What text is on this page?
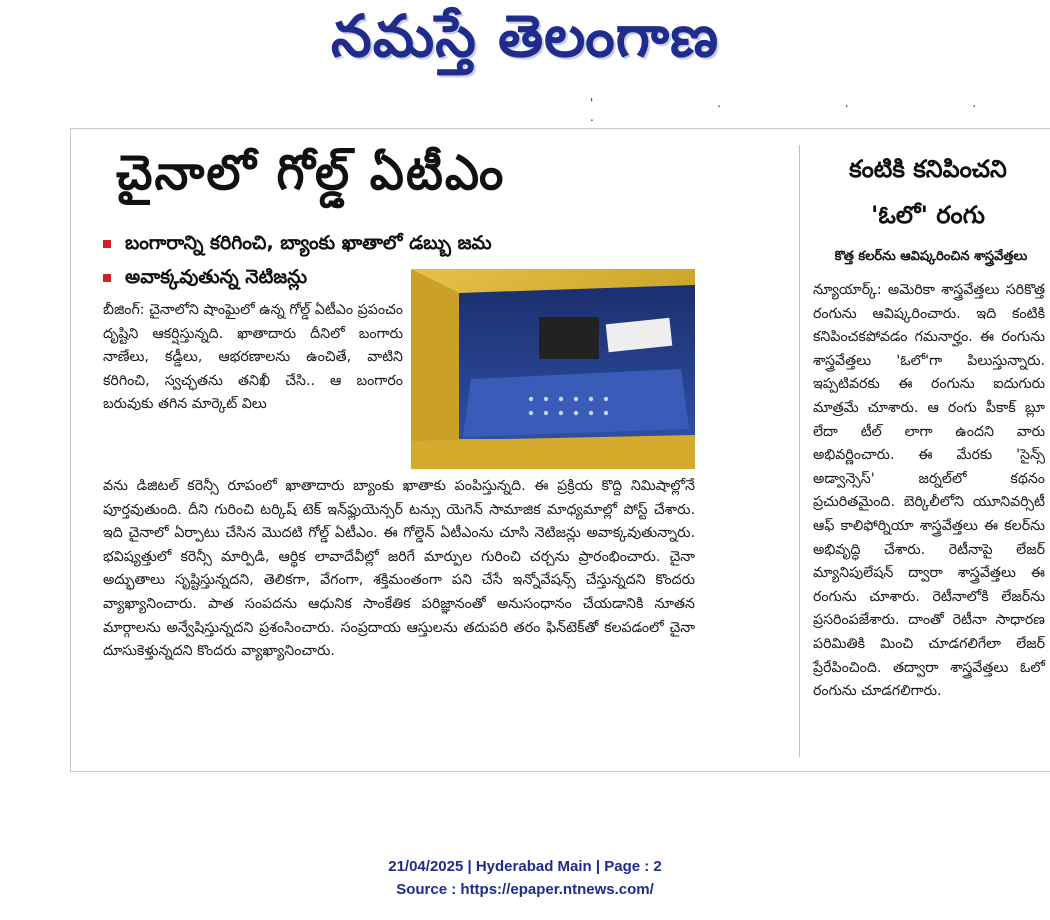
నమస్తే తెలంగాణ
' . . . .
చైనాలో గోల్డ్ ఏటీఎం
బంగారాన్ని కరిగించి, బ్యాంకు ఖాతాలో డబ్బు జమ
అవాక్కవుతున్న నెటిజన్లు

బీజింగ్: చైనాలోని షాంఘైలో ఉన్న గోల్డ్ ఏటీఎం ప్రపంచం దృష్టిని ఆకర్షిస్తున్నది. ఖాతాదారు దీనిలో బంగారు నాణేలు, కడ్డీలు, ఆభరణాలను ఉంచితే, వాటిని కరిగించి, స్వచ్ఛతను తనిఖీ చేసి.. ఆ బంగారం బరువుకు తగిన మార్కెట్ విలు

వను డిజిటల్ కరెన్సీ రూపంలో ఖాతాదారు బ్యాంకు ఖాతాకు పంపిస్తున్నది. ఈ ప్రక్రియ కొద్ది నిమిషాల్లోనే పూర్తవుతుంది. దీని గురించి టర్కిష్ టెక్ ఇన్‌ఫ్లుయెన్సర్ టన్సు యెగెన్ సామాజిక మాధ్యమాల్లో పోస్ట్ చేశారు. ఇది చైనాలో ఏర్పాటు చేసిన మొదటి గోల్డ్ ఏటీఎం. ఈ గోల్డెన్ ఏటీఎంను చూసి నెటిజన్లు అవాక్కవుతున్నారు. భవిష్యత్తులో కరెన్సీ మార్పిడి, ఆర్థిక లావాదేవీల్లో జరిగే మార్పుల గురించి చర్చను ప్రారంభించారు. చైనా అద్భుతాలు సృష్టిస్తున్నదని, తెలికగా, వేగంగా, శక్తిమంతంగా పని చేసే ఇన్నోవేషన్స్ చేస్తున్నదని కొందరు వ్యాఖ్యానించారు. పాత సంపదను ఆధునిక సాంకేతిక పరిజ్ఞానంతో అనుసంధానం చేయడానికి నూతన మార్గాలను అన్వేషిస్తున్నదని ప్రశంసించారు. సంప్రదాయ ఆస్తులను తదుపరి తరం ఫిన్‌టెక్‌తో కలపడంలో చైనా దూసుకెళ్తున్నదని కొందరు వ్యాఖ్యానించారు.

కంటికి కనిపించని
'ఓలో' రంగు
కొత్త కలర్‌ను ఆవిష్కరించిన శాస్త్రవేత్తలు

న్యూయార్క్: అమెరికా శాస్త్రవేత్తలు సరికొత్త రంగును ఆవిష్కరించారు. ఇది కంటికి కనిపించకపోవడం గమనార్హం. ఈ రంగును శాస్త్రవేత్తలు 'ఓలో'గా పిలుస్తున్నారు. ఇప్పటివరకు ఈ రంగును ఐదుగురు మాత్రమే చూశారు. ఆ రంగు పీకాక్ బ్లూ లేదా టీల్ లాగా ఉందని వారు అభివర్ణించారు. ఈ మేరకు 'సైన్స్ అడ్వాన్సెస్' జర్నల్‌లో కథనం ప్రచురితమైంది. బెర్కిలీలోని యూనివర్సిటీ ఆఫ్ కాలిఫోర్నియా శాస్త్రవేత్తలు ఈ కలర్‌ను అభివృద్ధి చేశారు. రెటీనాపై లేజర్ మ్యానిపులేషన్ ద్వారా శాస్త్రవేత్తలు ఈ రంగును చూశారు. రెటీనాలోకి లేజర్‌ను ప్రసరింపజేశారు. దాంతో రెటీనా సాధారణ పరిమితికి మించి చూడగలిగేలా లేజర్ ప్రేరేపించింది. తద్వారా శాస్త్రవేత్తలు ఓలో రంగును చూడగలిగారు.

21/04/2025 | Hyderabad Main | Page : 2
Source : https://epaper.ntnews.com/
